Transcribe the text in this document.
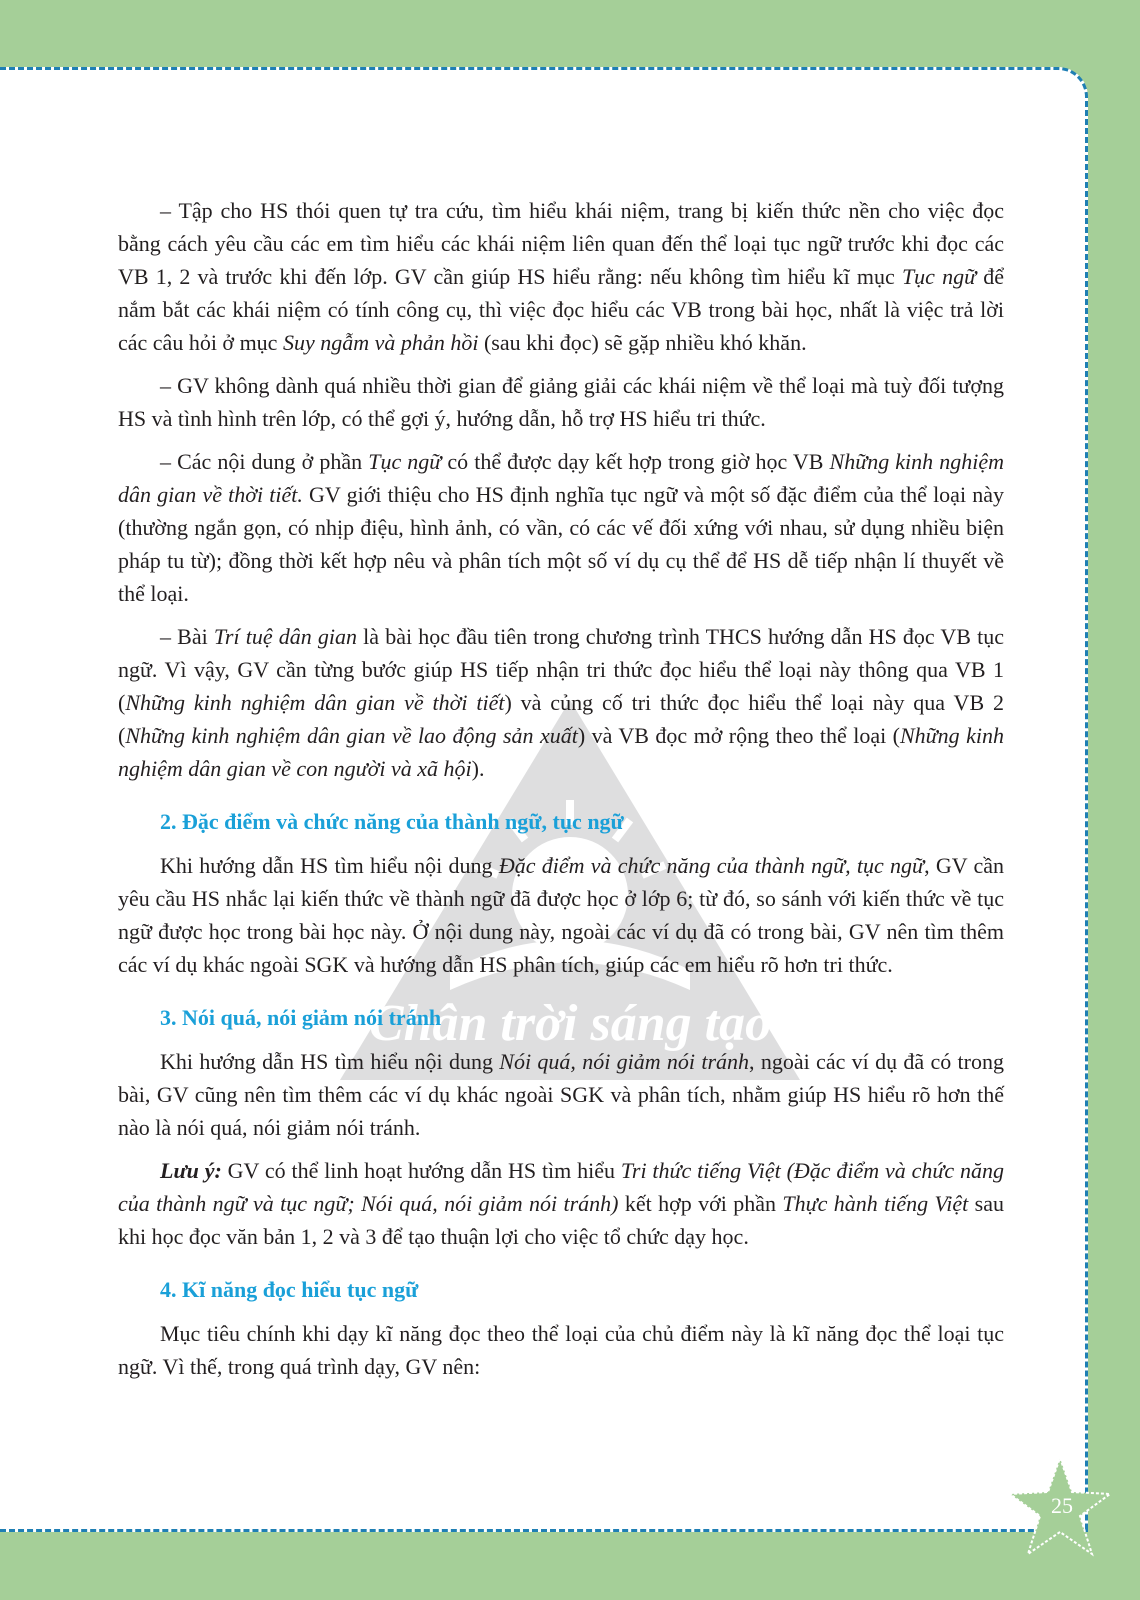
Chân trời sáng tạo

– Tập cho HS thói quen tự tra cứu, tìm hiểu khái niệm, trang bị kiến thức nền cho việc đọc bằng cách yêu cầu các em tìm hiểu các khái niệm liên quan đến thể loại tục ngữ trước khi đọc các VB 1, 2 và trước khi đến lớp. GV cần giúp HS hiểu rằng: nếu không tìm hiểu kĩ mục Tục ngữ để nắm bắt các khái niệm có tính công cụ, thì việc đọc hiểu các VB trong bài học, nhất là việc trả lời các câu hỏi ở mục Suy ngẫm và phản hồi (sau khi đọc) sẽ gặp nhiều khó khăn.

– GV không dành quá nhiều thời gian để giảng giải các khái niệm về thể loại mà tuỳ đối tượng HS và tình hình trên lớp, có thể gợi ý, hướng dẫn, hỗ trợ HS hiểu tri thức.

– Các nội dung ở phần Tục ngữ có thể được dạy kết hợp trong giờ học VB Những kinh nghiệm dân gian về thời tiết. GV giới thiệu cho HS định nghĩa tục ngữ và một số đặc điểm của thể loại này (thường ngắn gọn, có nhịp điệu, hình ảnh, có vần, có các vế đối xứng với nhau, sử dụng nhiều biện pháp tu từ); đồng thời kết hợp nêu và phân tích một số ví dụ cụ thể để HS dễ tiếp nhận lí thuyết về thể loại.

– Bài Trí tuệ dân gian là bài học đầu tiên trong chương trình THCS hướng dẫn HS đọc VB tục ngữ. Vì vậy, GV cần từng bước giúp HS tiếp nhận tri thức đọc hiểu thể loại này thông qua VB 1 (Những kinh nghiệm dân gian về thời tiết) và củng cố tri thức đọc hiểu thể loại này qua VB 2 (Những kinh nghiệm dân gian về lao động sản xuất) và VB đọc mở rộng theo thể loại (Những kinh nghiệm dân gian về con người và xã hội).

2. Đặc điểm và chức năng của thành ngữ, tục ngữ

Khi hướng dẫn HS tìm hiểu nội dung Đặc điểm và chức năng của thành ngữ, tục ngữ, GV cần yêu cầu HS nhắc lại kiến thức về thành ngữ đã được học ở lớp 6; từ đó, so sánh với kiến thức về tục ngữ được học trong bài học này. Ở nội dung này, ngoài các ví dụ đã có trong bài, GV nên tìm thêm các ví dụ khác ngoài SGK và hướng dẫn HS phân tích, giúp các em hiểu rõ hơn tri thức.

3. Nói quá, nói giảm nói tránh

Khi hướng dẫn HS tìm hiểu nội dung Nói quá, nói giảm nói tránh, ngoài các ví dụ đã có trong bài, GV cũng nên tìm thêm các ví dụ khác ngoài SGK và phân tích, nhằm giúp HS hiểu rõ hơn thế nào là nói quá, nói giảm nói tránh.

Lưu ý: GV có thể linh hoạt hướng dẫn HS tìm hiểu Tri thức tiếng Việt (Đặc điểm và chức năng của thành ngữ và tục ngữ; Nói quá, nói giảm nói tránh) kết hợp với phần Thực hành tiếng Việt sau khi học đọc văn bản 1, 2 và 3 để tạo thuận lợi cho việc tổ chức dạy học.

4. Kĩ năng đọc hiểu tục ngữ

Mục tiêu chính khi dạy kĩ năng đọc theo thể loại của chủ điểm này là kĩ năng đọc thể loại tục ngữ. Vì thế, trong quá trình dạy, GV nên:

25
